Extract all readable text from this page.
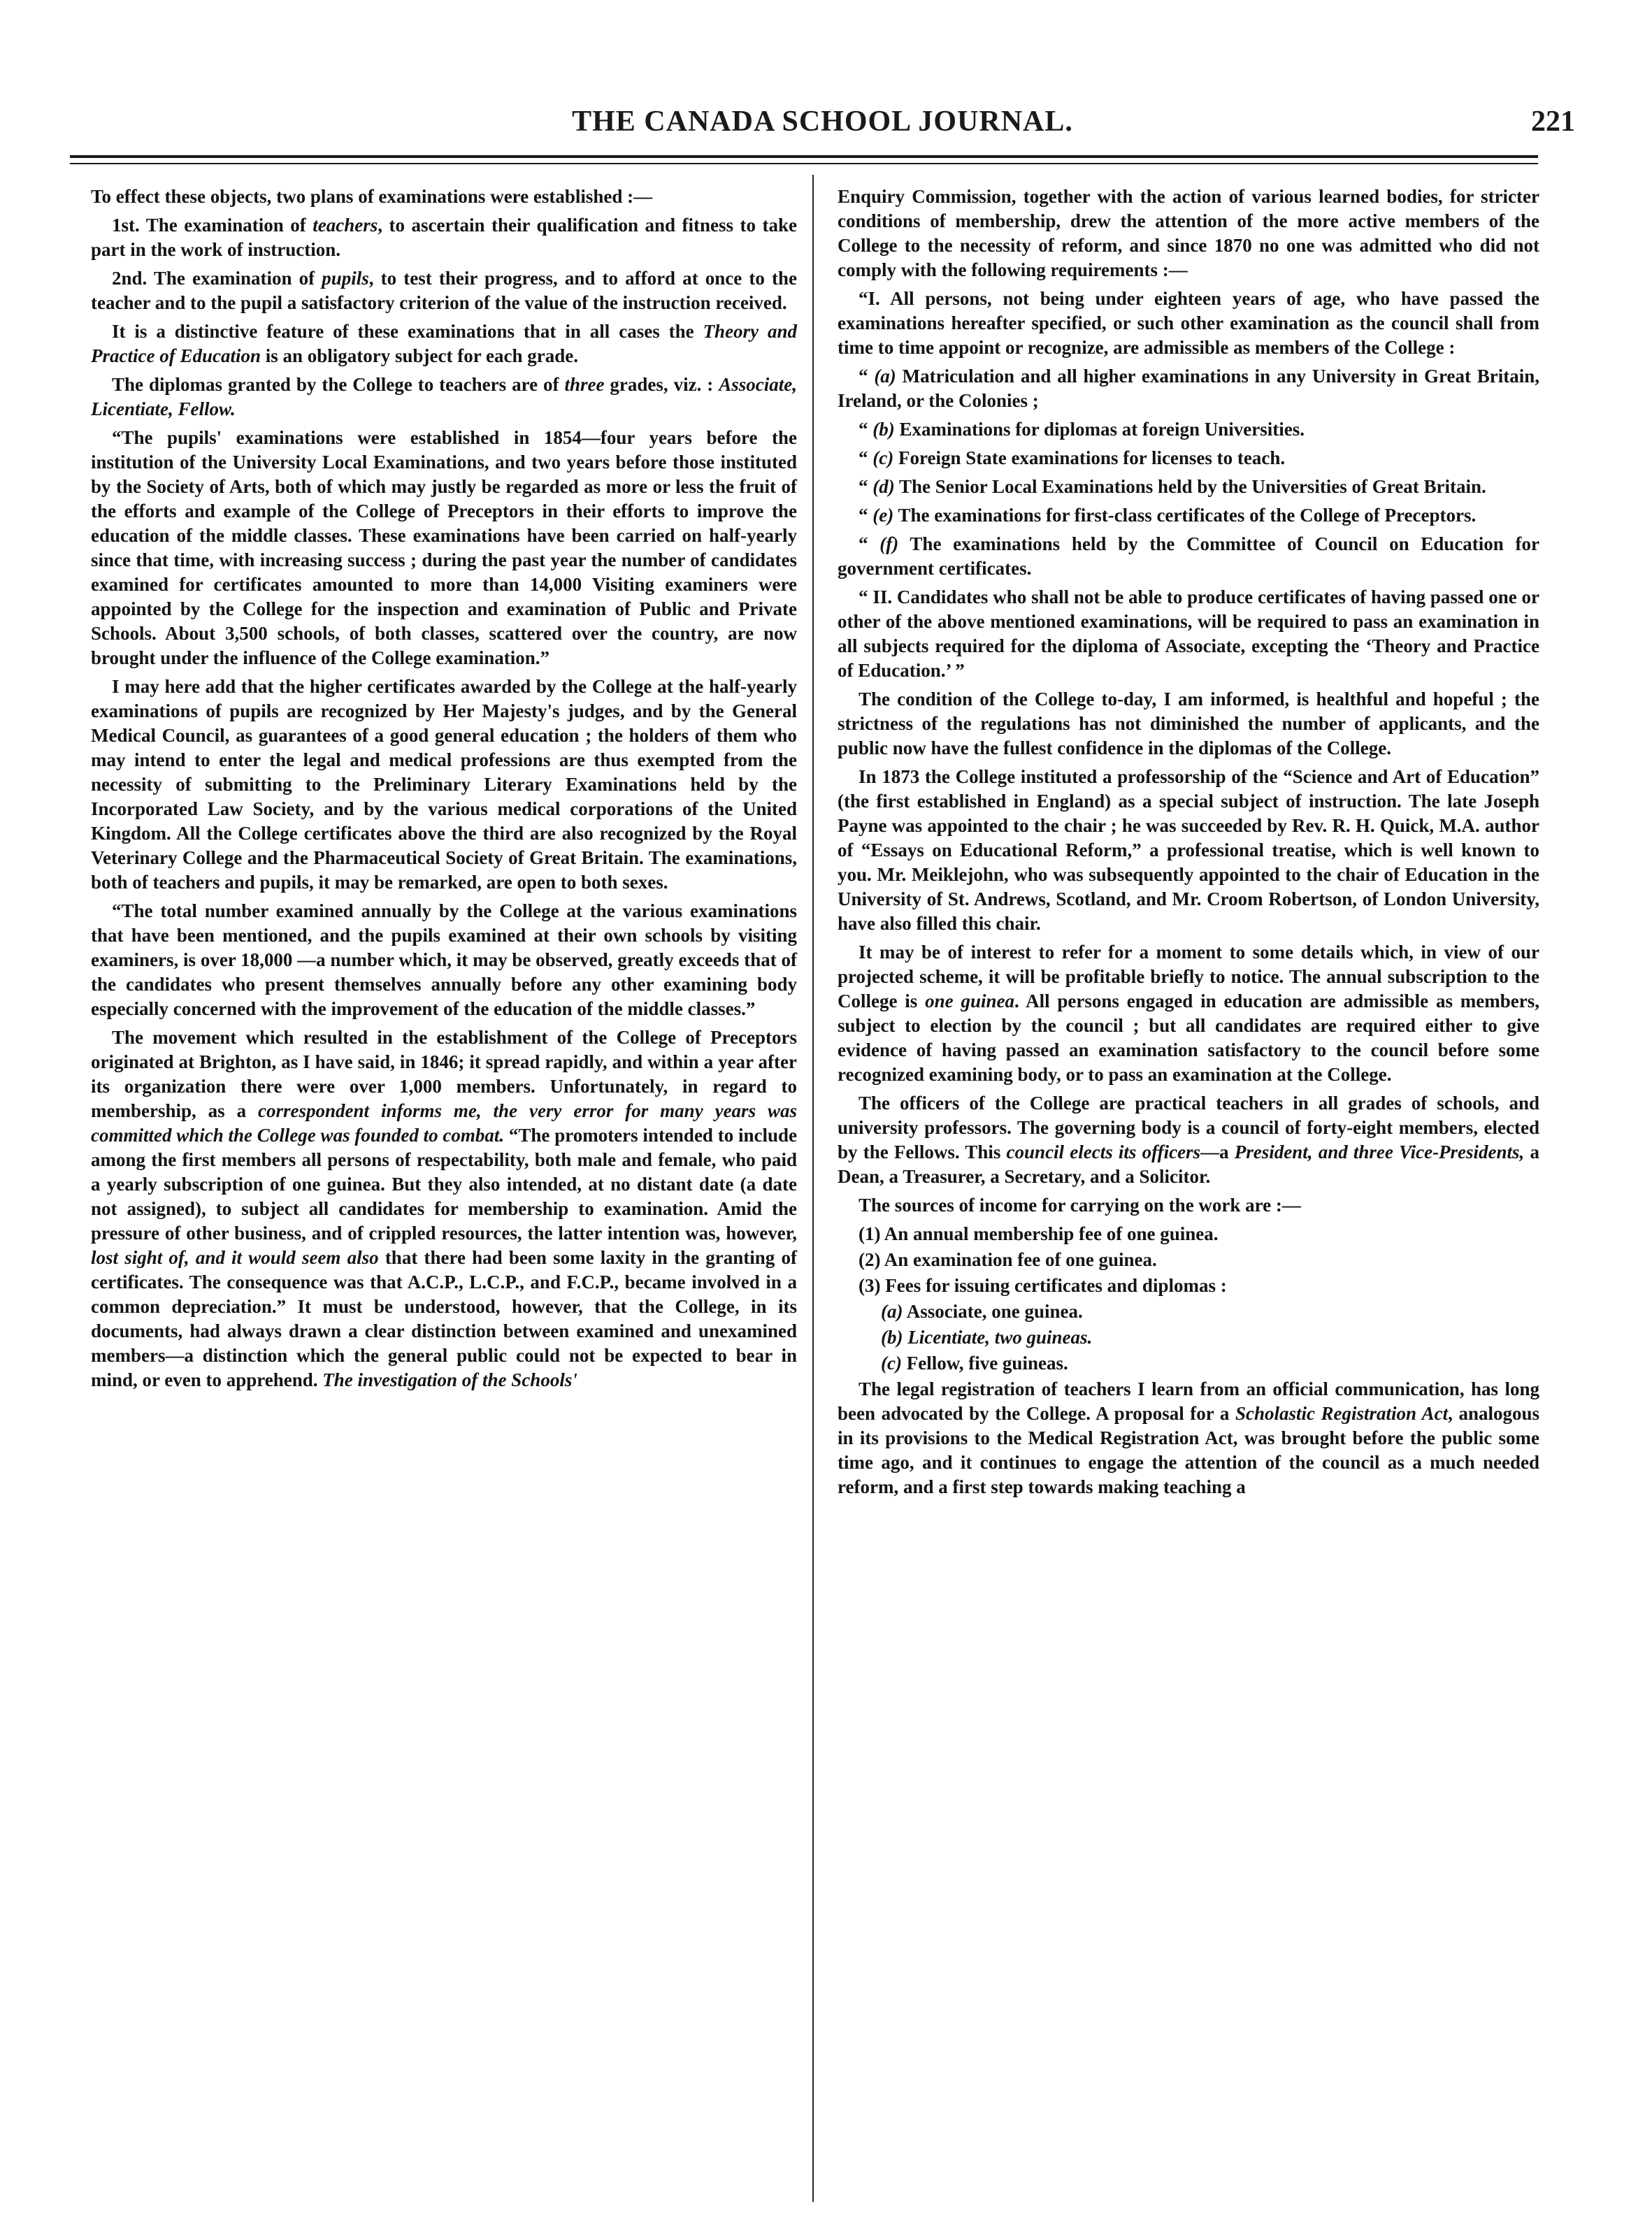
THE CANADA SCHOOL JOURNAL.	221

To effect these objects, two plans of examinations were established :—

1st. The examination of teachers, to ascertain their qualification and fitness to take part in the work of instruction.

2nd. The examination of pupils, to test their progress, and to afford at once to the teacher and to the pupil a satisfactory criterion of the value of the instruction received.

It is a distinctive feature of these examinations that in all cases the Theory and Practice of Education is an obligatory subject for each grade.

The diplomas granted by the College to teachers are of three grades, viz. : Associate, Licentiate, Fellow.

“The pupils' examinations were established in 1854—four years before the institution of the University Local Examinations, and two years before those instituted by the Society of Arts, both of which may justly be regarded as more or less the fruit of the efforts and example of the College of Preceptors in their efforts to improve the education of the middle classes. These examinations have been carried on half-yearly since that time, with increasing success ; during the past year the number of candidates examined for certificates amounted to more than 14,000 Visiting examiners were appointed by the College for the inspection and examination of Public and Private Schools. About 3,500 schools, of both classes, scattered over the country, are now brought under the influence of the College examination.”

I may here add that the higher certificates awarded by the College at the half-yearly examinations of pupils are recognized by Her Majesty's judges, and by the General Medical Council, as guarantees of a good general education ; the holders of them who may intend to enter the legal and medical professions are thus exempted from the necessity of submitting to the Preliminary Literary Examinations held by the Incorporated Law Society, and by the various medical corporations of the United Kingdom. All the College certificates above the third are also recognized by the Royal Veterinary College and the Pharmaceutical Society of Great Britain. The examinations, both of teachers and pupils, it may be remarked, are open to both sexes.

“The total number examined annually by the College at the various examinations that have been mentioned, and the pupils examined at their own schools by visiting examiners, is over 18,000 —a number which, it may be observed, greatly exceeds that of the candidates who present themselves annually before any other examining body especially concerned with the improvement of the education of the middle classes.”

The movement which resulted in the establishment of the College of Preceptors originated at Brighton, as I have said, in 1846; it spread rapidly, and within a year after its organization there were over 1,000 members. Unfortunately, in regard to membership, as a correspondent informs me, the very error for many years was committed which the College was founded to combat. “The promoters intended to include among the first members all persons of respectability, both male and female, who paid a yearly subscription of one guinea. But they also intended, at no distant date (a date not assigned), to subject all candidates for membership to examination. Amid the pressure of other business, and of crippled resources, the latter intention was, however, lost sight of, and it would seem also that there had been some laxity in the granting of certificates. The consequence was that A.C.P., L.C.P., and F.C.P., became involved in a common depreciation.” It must be understood, however, that the College, in its documents, had always drawn a clear distinction between examined and unexamined members—a distinction which the general public could not be expected to bear in mind, or even to apprehend. The investigation of the Schools'

Enquiry Commission, together with the action of various learned bodies, for stricter conditions of membership, drew the attention of the more active members of the College to the necessity of reform, and since 1870 no one was admitted who did not comply with the following requirements :—

“I. All persons, not being under eighteen years of age, who have passed the examinations hereafter specified, or such other examination as the council shall from time to time appoint or recognize, are admissible as members of the College :

“ (a) Matriculation and all higher examinations in any University in Great Britain, Ireland, or the Colonies ;

“ (b) Examinations for diplomas at foreign Universities.

“ (c) Foreign State examinations for licenses to teach.

“ (d) The Senior Local Examinations held by the Universities of Great Britain.

“ (e) The examinations for first-class certificates of the College of Preceptors.

“ (f) The examinations held by the Committee of Council on Education for government certificates.

“ II. Candidates who shall not be able to produce certificates of having passed one or other of the above mentioned examinations, will be required to pass an examination in all subjects required for the diploma of Associate, excepting the ‘Theory and Practice of Education.’ ”

The condition of the College to-day, I am informed, is healthful and hopeful ; the strictness of the regulations has not diminished the number of applicants, and the public now have the fullest confidence in the diplomas of the College.

In 1873 the College instituted a professorship of the “Science and Art of Education” (the first established in England) as a special subject of instruction. The late Joseph Payne was appointed to the chair ; he was succeeded by Rev. R. H. Quick, M.A. author of “Essays on Educational Reform,” a professional treatise, which is well known to you. Mr. Meiklejohn, who was subsequently appointed to the chair of Education in the University of St. Andrews, Scotland, and Mr. Croom Robertson, of London University, have also filled this chair.

It may be of interest to refer for a moment to some details which, in view of our projected scheme, it will be profitable briefly to notice. The annual subscription to the College is one guinea. All persons engaged in education are admissible as members, subject to election by the council ; but all candidates are required either to give evidence of having passed an examination satisfactory to the council before some recognized examining body, or to pass an examination at the College.

The officers of the College are practical teachers in all grades of schools, and university professors. The governing body is a council of forty-eight members, elected by the Fellows. This council elects its officers—a President, and three Vice-Presidents, a Dean, a Treasurer, a Secretary, and a Solicitor.

The sources of income for carrying on the work are :—

(1) An annual membership fee of one guinea.

(2) An examination fee of one guinea.

(3) Fees for issuing certificates and diplomas :

(a) Associate, one guinea.

(b) Licentiate, two guineas.

(c) Fellow, five guineas.

The legal registration of teachers I learn from an official communication, has long been advocated by the College. A proposal for a Scholastic Registration Act, analogous in its provisions to the Medical Registration Act, was brought before the public some time ago, and it continues to engage the attention of the council as a much needed reform, and a first step towards making teaching a
